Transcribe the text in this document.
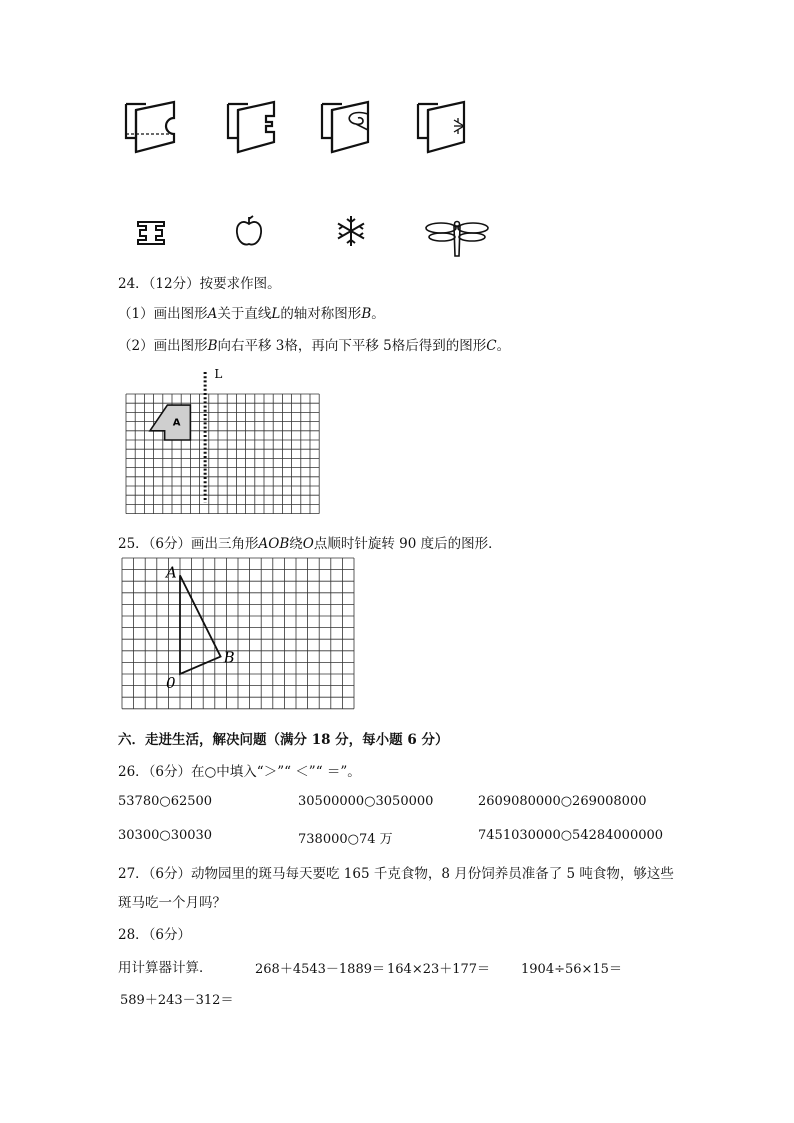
24．（12分）按要求作图。
（1）画出图形A关于直线L的轴对称图形B。
（2）画出图形B向右平移 3格，再向下平移 5格后得到的图形C。
A
L
25．（6分）画出三角形AOB绕O点顺时针旋转 90 度后的图形．
A
B
0
六．走进生活，解决问题（满分 18 分，每小题 6 分）
26．（6分）在○中填入“＞”“ ＜”“ ＝”。
53780○62500	30500000○3050000	2609080000○269008000
30300○30030	738000○74 万	7451030000○54284000000
27．（6分）动物园里的斑马每天要吃 165 千克食物，8 月份饲养员准备了 5 吨食物，够这些
斑马吃一个月吗？
28．（6分）
用计算器计算．	268＋4543－1889＝ 164×23＋177＝ 1904÷56×15＝
589＋243－312＝
